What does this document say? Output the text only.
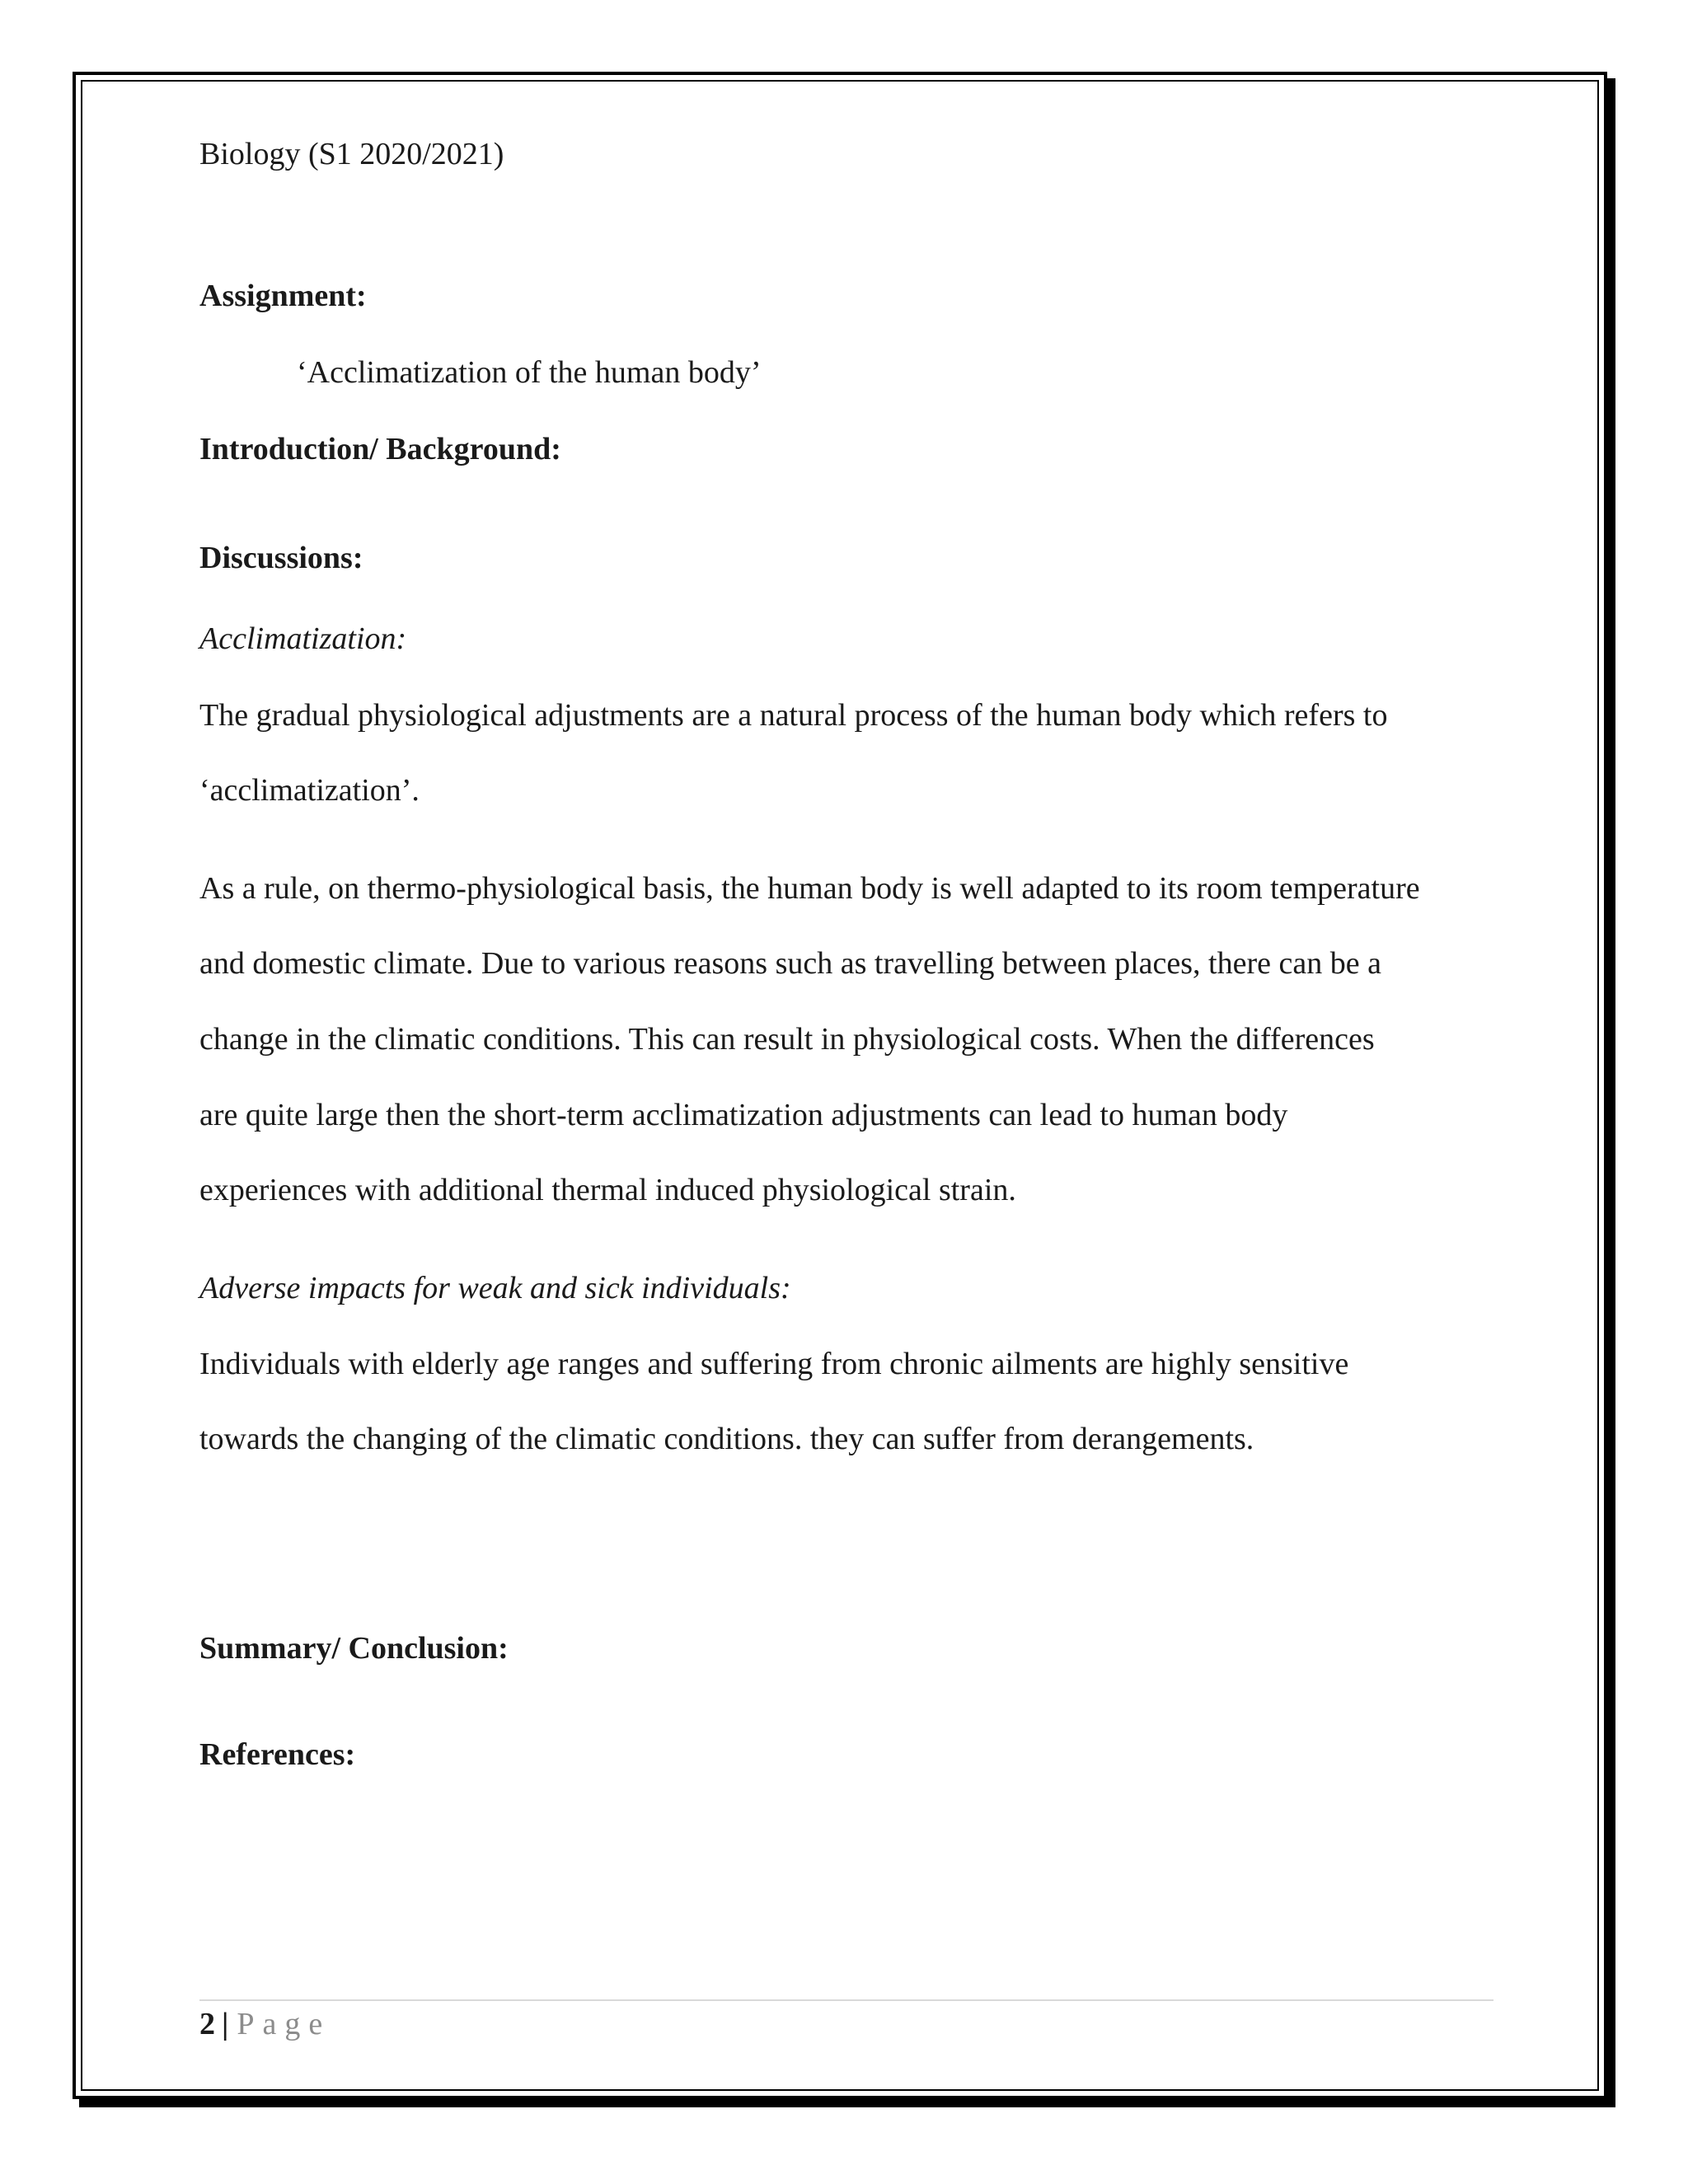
Biology (S1 2020/2021)
Assignment:
‘Acclimatization of the human body’
Introduction/ Background:
Discussions:
Acclimatization:
The gradual physiological adjustments are a natural process of the human body which refers to
‘acclimatization’.
As a rule, on thermo-physiological basis, the human body is well adapted to its room temperature
and domestic climate. Due to various reasons such as travelling between places, there can be a
change in the climatic conditions. This can result in physiological costs. When the differences
are quite large then the short-term acclimatization adjustments can lead to human body
experiences with additional thermal induced physiological strain.
Adverse impacts for weak and sick individuals:
Individuals with elderly age ranges and suffering from chronic ailments are highly sensitive
towards the changing of the climatic conditions. they can suffer from derangements.
Summary/ Conclusion:
References:
2 | Page
